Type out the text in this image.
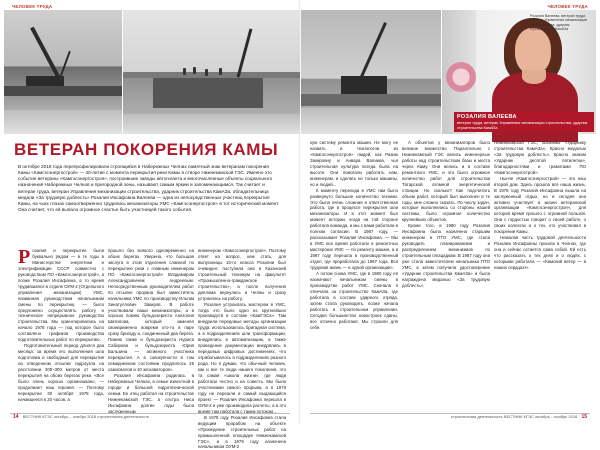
ЧЕЛОВЕК ТРУДА	ЧЕЛОВЕК ТРУДА
Розалия Валеева, ветеран труда, ветеран Управления механизации строительства, ударник строительства КамАЗа
РОЗАЛИЯ ВАЛЕЕВА
ветеран труда, ветеран Управления механизации строительства, ударник строительства КамАЗа
ВЕТЕРАН ПОКОРЕНИЯ КАМЫ

В октябре 2018 года перепрофилировали строящийся в Набережных Челнах памятный знак ветеранам покорения Камы «Камгэсэнергострой» — 40-летие с момента перекрытия реки Камы в створе Нижнекамской ГЭС. Именно это событие ветераны «Камгэсэнергостроя», построившие заводы автогиганта и многочисленные объекты социального назначения Набережных Челнов и пригородной зоны, называют самым ярким и запоминающимся. Так считает и ветеран труда, ветеран Управления механизации строительства, ударник строительства КамАЗа, обладательница медали «За трудовую доблесть» Розалия Инсафовна Валеева — одна из непосредственных участниц перекрытия Камы, на чьих глазах самоотверженно трудились механизаторы УМС «Камгэсэнергостроя» в тот исторический момент. Она считает, что ей выпало огромное счастье быть участницей такого события.

Розалия и перекрытие были буквально рядом — в те годы в Министерстве энергетики и электрификации СССР совместно с руководством ПО «Камгэсэнергострой», а позже Розалия Инсафовна, в то время трудившаяся в отделе ОУМ-2 (Отдельного управления механизации) УМС, названная руководством начальником смены по перекрытию, — было предложено осуществлять работу и техническое непрерывное руководство строительства. Мы ориентировались на начало 1978 года — под которое было составлено графиков производства подготовительных работ по перекрытию.

Подготовительный период длился два месяца: за время его выполнения шла подготовка и свободный для перекрытия на отведенном отсыпке гидроузла на расстоянии 200–300 метров от места перекрытия на обоих берегах реки. «Все было очень хорошо организовано, — продолжает наш героиня. — Поэтому перекрытие 30 октября 1978 года, начавшееся в 20 часов, а

прошло без всякого одновременно на обоих берегах. Уверена, что большая заслуга в этом отделения славной по перекрытию реки с главным инженером ПО «Камгэсэнергострой» Владимиром Александровичем Андреевым. Непосредственным руководителем работ по отсыпке прорана был заместитель начальника УМС по производству Ильгам Зинатуллович Закиров. В работе участвовали наши механизаторы, а в хорошо помню бульдозериста Анатолия Шатилова, который заменял своевременно вовремя кто-то в паре сразу бригаду и, соединенный два берега. Помню также и бульдозериста Нуриса Сабирова и бульдозериста Юрия Бальзина — активного участника перекрытия. А в совокупности в том семидневном состоянии продлилось 25 самосвалов и 10 экскаваторов».

Розалия Инсафовна родилась в Набережных Челнах, в семье известной в городе и большой гидротехнической семьи. Ее отец работал на строительстве Нижнекамской ГЭС, а сестра Ниса Инсафовна долгие годы была заслуженным

инженером «Камгэсэнергостроя». Поэтому ответ на вопрос, кем стать, для выпускницы 10-го класса Розалии был очевиден: поступила она в Казанский строительный техникум на факультет «Промышленно-гражданское строительство», а после получения диплома вернулась в Челны и сразу устроилась на работу.

Розалия устроилась мастером в УМС, тогда это было одно из крупнейших производств в составе «КамГЭСа». Там внедрили передовые методы организации труда: использовалось бригадная система, а в подразделениях шли трансформации, внедрялись в автоматизацию, а также проведение документации внедрялись в передовых цифровых достижениях, что отрабатывалось в подразделениях разного рода. Но я думаю, что обычный человек, как и все те люди нашего поколения, это та самая «школа жизни», где люди работали честно и на совесть. Мы были участниками самого прорыва, а в 1978 году не перешли в самый выдающийся проект — Розалия Инсафовна перешла в ОУМ-2 и уже производила расчеты, а в это время там работала с таким потоком...

В 1978 году Розалия Инсафовна стала ведущим прорабом на объекте «Проведение строительных работ на промышленной площадке Нижнекамской ГЭС», и в 1979 году назначена начальником ОУМ-2

кую систему ремонта машин. Не могу не назвать и технологов из «Камгэсэнергостроя» людей, как Разию Закировну и Анвара Валиева, чья строительная культура всегда была на высоте. Они помогали работать нам, инженерам, и сделать не только машины, но и людей...

К моменту перехода в УМС там было развернуто большое количество техники. Это была очень сложная и ответственная работа, где в процессе перекрытия шли механизаторы. И в этот момент был момент истории, когда на той стороне работала команда, и мы с вами работали в полном согласии. В 1987 году, — рассказывает Розалия Инсафовна. — Мы в УМС все время работали в ремонтных мастерских УМС — по ремонту машин, а в 1987 году перешла в производственный отдел, где проработала до 1997 года. Вся трудовая жизнь — в одной организации».

А потом снова УМС, где в 1980 году её назначают начальником смены в производстве работ УМС. Сначала я отвечала за строительство КамАЗа, где работала в составе ударного отряда, затем стала руководить, позже начала работать в строительном управлении. Сегодня большинство новостроек сданы, все отлично работают. Мы строили для себя.

А объектов у механизаторов было великое множество. Параллельно с Нижнекамской ГЭС велись инженерные работы над строительством базы и моста через Каму. Они велись и в составе ремонтного УМС, и это было огромное количество работ для строительства Татарской атомной энергетической станции. Но сколько? Как подсчитать объем работ, который был выполнен в те годы, мне сложно сказать. По числу задач, которые выполнялись со стороны нашей системы, было огромное количество крупнейших объектов.

Кроме того, в 1980 году Розалия Инсафовна была назначена старшим инженером в ПТО УМС, где стала руководить планированием и распределением механизмов по строительным площадкам. В 1987 году она уже стала заместителем начальника ПТО УМС, а затем получила удостоверение «Ударник строительства КамАЗа» и была награждена медалью «За трудовую доблесть».

Нижнекамской ГЭС, Валиевы «Ударнику строительства КамАЗа», Красно медалью «За трудовую доблесть», Красно знаком «Ударник десятой пятилетки», благодарностями и грамотами ПО «Камгэсэнергострой».

Нынче «Камгэсэнергострой» — это наш второй дом. Здесь прошла вся наша жизнь. В 1978 году Розалия Инсафовна вышла на заслуженный отдых, но и сегодня она активно участвует в жизни ветеранской организации «Камгэсэнергостроя», для которой время прошло с огромной пользой. Она с гордостью говорит о своей работе, о своих коллегах и о тех, кто участвовал в покорении Камы.

Немалая часть трудовой деятельности Розалии Инсафовны прошла в Челнах, где она и сейчас остается сама собой. Ей есть что рассказать о тех днях и о людях, с которыми работала — «Камский ветер — в наших сердцах!».

14 ВЕСТНИК КГЭС октябрь – ноябрь 2018 строительная деятельность	строительная деятельность ВЕСТНИК КГЭС октябрь – ноябрь 2018 15
